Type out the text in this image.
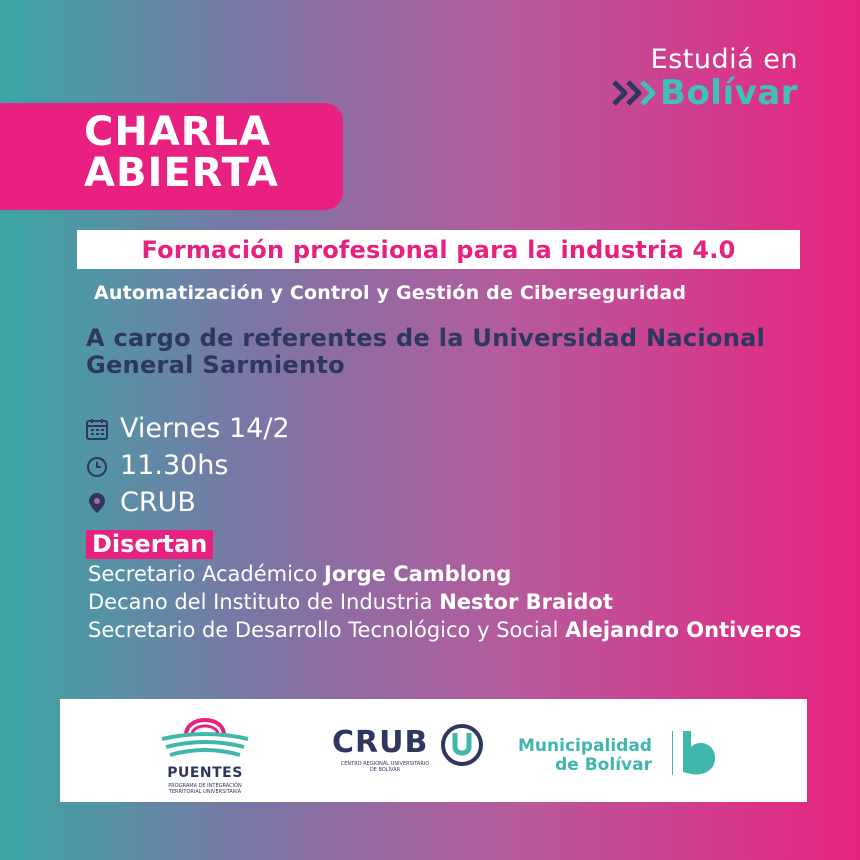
Estudiá en
Bolívar
CHARLA
ABIERTA
Formación profesional para la industria 4.0
Automatización y Control y Gestión de Ciberseguridad
A cargo de referentes de la Universidad Nacional
General Sarmiento
Viernes 14/2
11.30hs
CRUB
Disertan
Secretario Académico Jorge Camblong
Decano del Instituto de Industria Nestor Braidot
Secretario de Desarrollo Tecnológico y Social Alejandro Ontiveros
PUENTES
PROGRAMA DE INTEGRACIÓN
TERRITORIAL UNIVERSITARIA
CRUB
CENTRO REGIONAL UNIVERSITARIO
DE BOLÍVAR
Municipalidad
de Bolívar
